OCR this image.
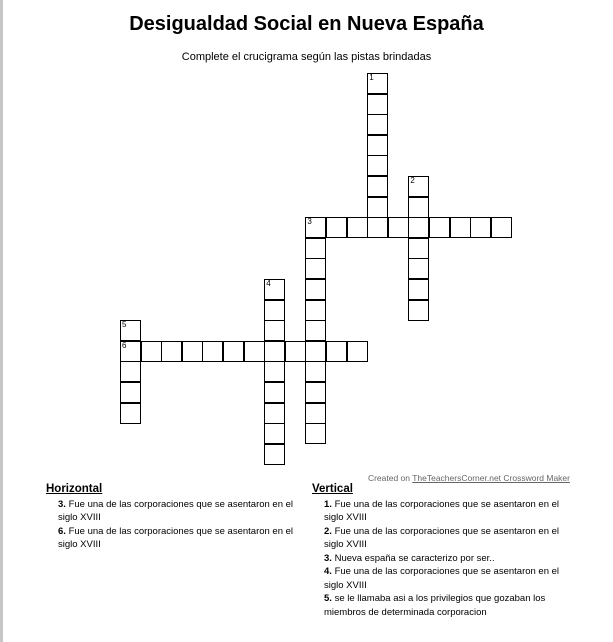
Desigualdad Social en Nueva España
Complete el crucigrama según las pistas brindadas
1
2
3
4
5
6
Created on TheTeachersCorner.net Crossword Maker
Horizontal
3. Fue una de las corporaciones que se asentaron en el siglo XVIII
6. Fue una de las corporaciones que se asentaron en el siglo XVIII
Vertical
1. Fue una de las corporaciones que se asentaron en el siglo XVIII
2. Fue una de las corporaciones que se asentaron en el siglo XVIII
3. Nueva españa se caracterizo por ser..
4. Fue una de las corporaciones que se asentaron en el siglo XVIII
5. se le llamaba asi a los privilegios que gozaban los miembros de determinada corporacion
